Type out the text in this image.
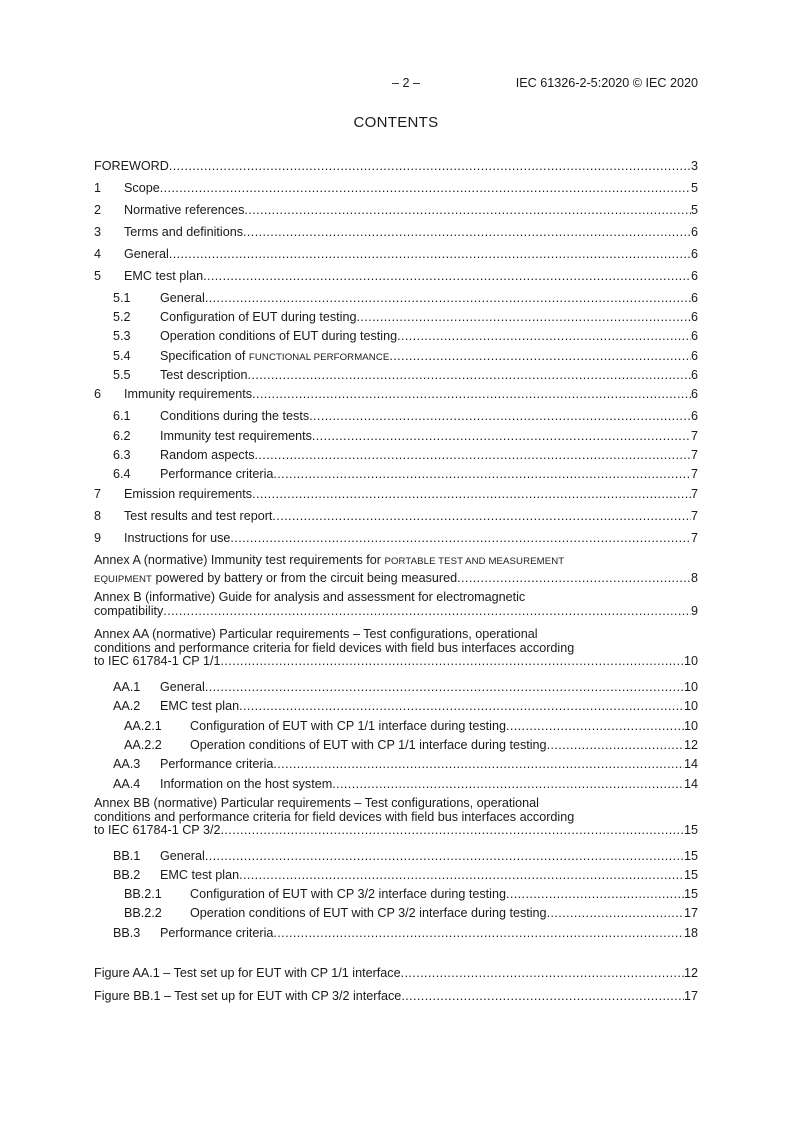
– 2 –	IEC 61326-2-5:2020 © IEC 2020
CONTENTS
FOREWORD . . .	3
1	Scope . . .	5
2	Normative references . . .	5
3	Terms and definitions . . .	6
4	General . . .	6
5	EMC test plan . . .	6
5.1	General . . .	6
5.2	Configuration of EUT during testing . . .	6
5.3	Operation conditions of EUT during testing . . .	6
5.4	Specification of FUNCTIONAL PERFORMANCE . . .	6
5.5	Test description . . .	6
6	Immunity requirements . . .	6
6.1	Conditions during the tests . . .	6
6.2	Immunity test requirements . . .	7
6.3	Random aspects . . .	7
6.4	Performance criteria . . .	7
7	Emission requirements . . .	7
8	Test results and test report . . .	7
9	Instructions for use . . .	7
Annex A (normative) Immunity test requirements for PORTABLE TEST AND MEASUREMENT
EQUIPMENT powered by battery or from the circuit being measured . . .	8
Annex B (informative) Guide for analysis and assessment for electromagnetic
compatibility . . .	9
Annex AA (normative) Particular requirements – Test configurations, operational
conditions and performance criteria for field devices with field bus interfaces according
to IEC 61784-1 CP 1/1 . . .	10
AA.1	General . . .	10
AA.2	EMC test plan . . .	10
AA.2.1	Configuration of EUT with CP 1/1 interface during testing . . .	10
AA.2.2	Operation conditions of EUT with CP 1/1 interface during testing . . .	12
AA.3	Performance criteria . . .	14
AA.4	Information on the host system . . .	14
Annex BB (normative) Particular requirements – Test configurations, operational
conditions and performance criteria for field devices with field bus interfaces according
to IEC 61784-1 CP 3/2 . . .	15
BB.1	General . . .	15
BB.2	EMC test plan . . .	15
BB.2.1	Configuration of EUT with CP 3/2 interface during testing . . .	15
BB.2.2	Operation conditions of EUT with CP 3/2 interface during testing . . .	17
BB.3	Performance criteria . . .	18
Figure AA.1 – Test set up for EUT with CP 1/1 interface . . .	12
Figure BB.1 – Test set up for EUT with CP 3/2 interface . . .	17
